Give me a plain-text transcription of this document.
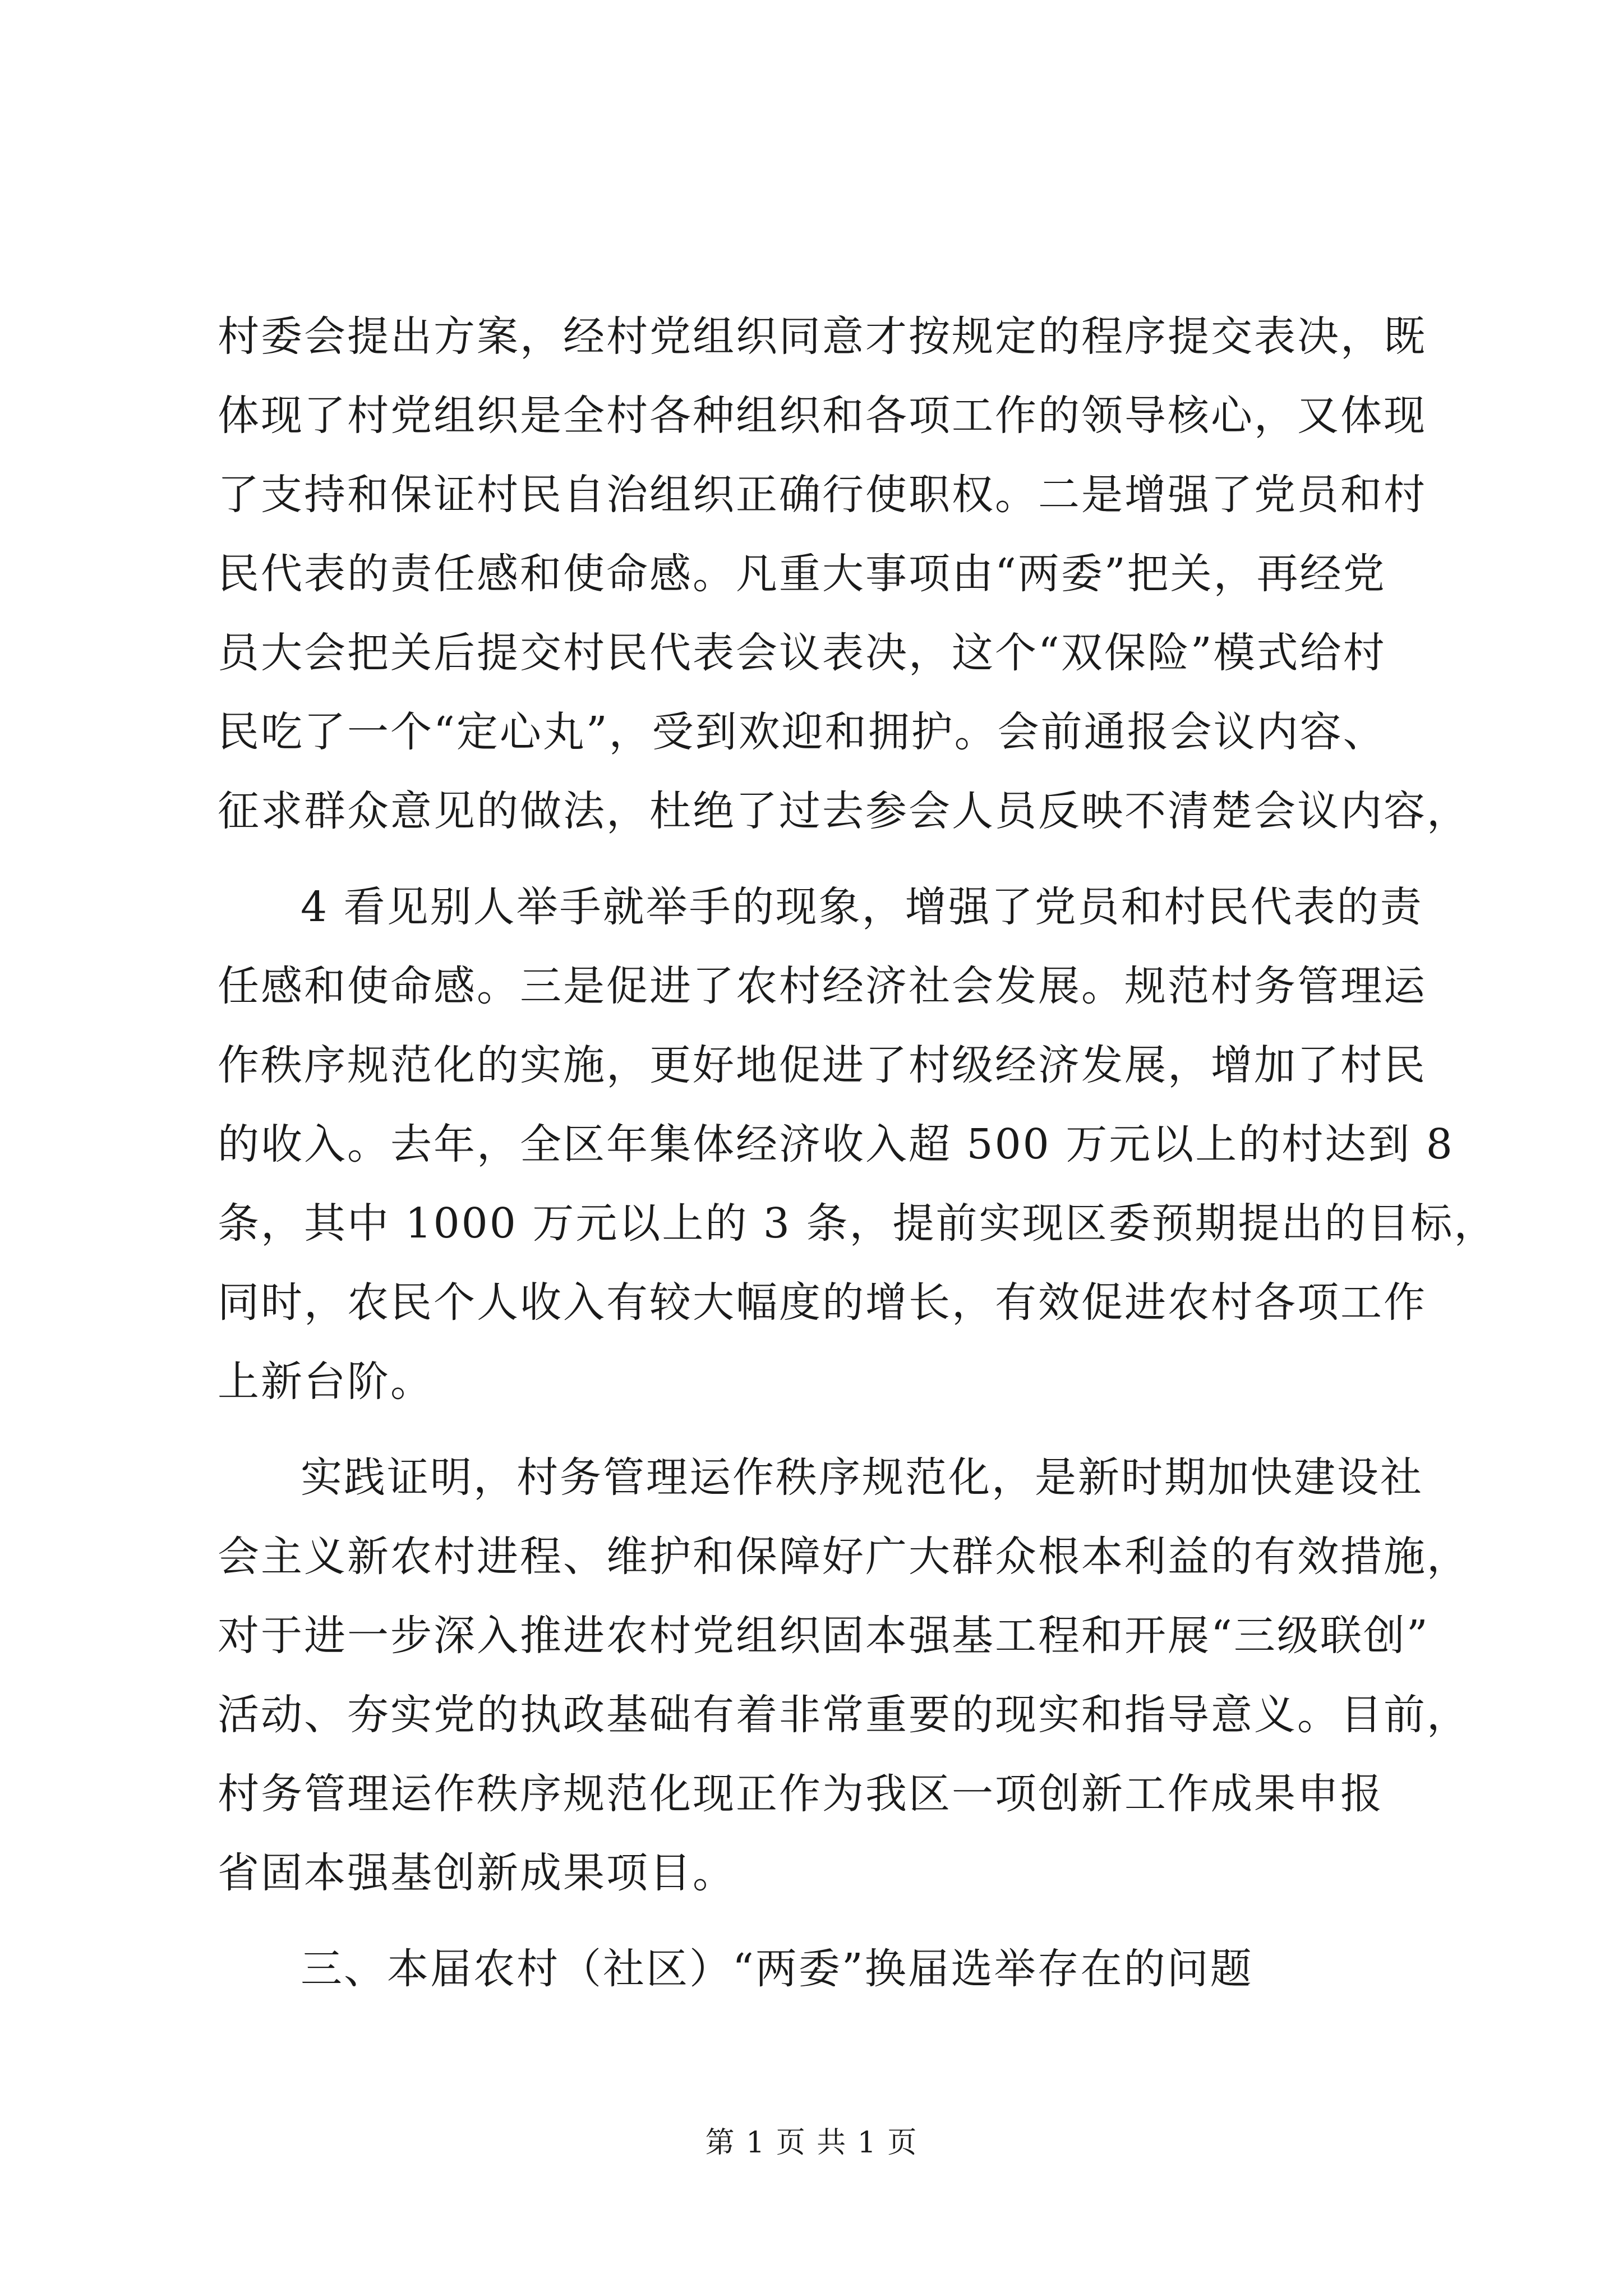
村委会提出方案，经村党组织同意才按规定的程序提交表决，既
体现了村党组织是全村各种组织和各项工作的领导核心，又体现
了支持和保证村民自治组织正确行使职权。二是增强了党员和村
民代表的责任感和使命感。凡重大事项由“两委”把关，再经党
员大会把关后提交村民代表会议表决，这个“双保险”模式给村
民吃了一个“定心丸”，受到欢迎和拥护。会前通报会议内容、
征求群众意见的做法，杜绝了过去参会人员反映不清楚会议内容，
4 看见别人举手就举手的现象，增强了党员和村民代表的责
任感和使命感。三是促进了农村经济社会发展。规范村务管理运
作秩序规范化的实施，更好地促进了村级经济发展，增加了村民
的收入。去年，全区年集体经济收入超 500 万元以上的村达到 8
条，其中 1000 万元以上的 3 条，提前实现区委预期提出的目标，
同时，农民个人收入有较大幅度的增长，有效促进农村各项工作
上新台阶。
实践证明，村务管理运作秩序规范化，是新时期加快建设社
会主义新农村进程、维护和保障好广大群众根本利益的有效措施，
对于进一步深入推进农村党组织固本强基工程和开展“三级联创”
活动、夯实党的执政基础有着非常重要的现实和指导意义。目前，
村务管理运作秩序规范化现正作为我区一项创新工作成果申报
省固本强基创新成果项目。
三、本届农村（社区）“两委”换届选举存在的问题
第 1 页 共 1 页
